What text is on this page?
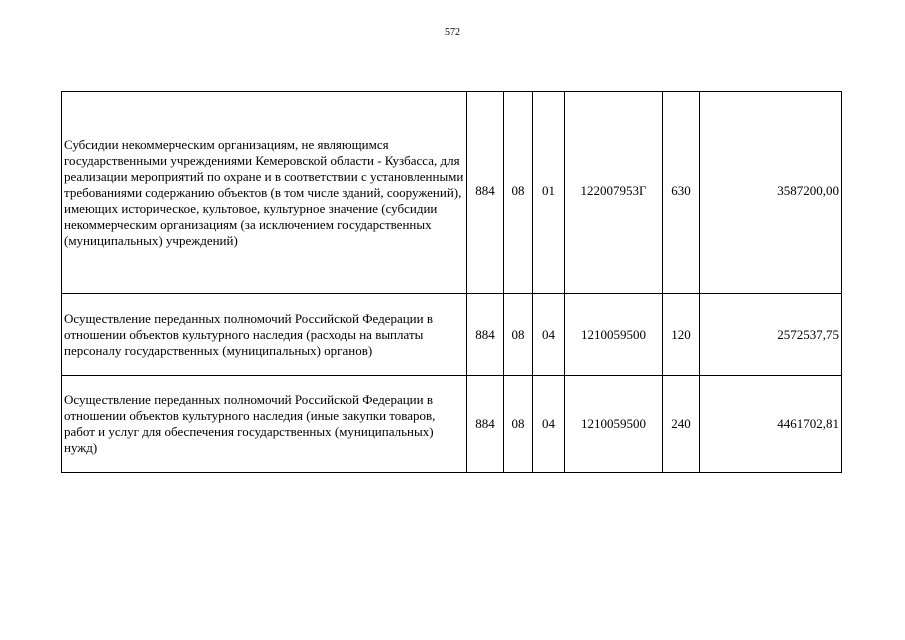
572
Субсидии некоммерческим организациям, не являющимся государственными учреждениями Кемеровской области - Кузбасса, для реализации мероприятий по охране и в соответствии с установленными требованиями содержанию объектов (в том числе зданий, сооружений), имеющих историческое, культовое, культурное значение (субсидии некоммерческим организациям (за исключением государственных (муниципальных) учреждений)	884	08	01	122007953Г	630	3587200,00
Осуществление переданных полномочий Российской Федерации в отношении объектов культурного наследия (расходы на выплаты персоналу государственных (муниципальных) органов)	884	08	04	1210059500	120	2572537,75
Осуществление переданных полномочий Российской Федерации в отношении объектов культурного наследия (иные закупки товаров, работ и услуг для обеспечения государственных (муниципальных) нужд)	884	08	04	1210059500	240	4461702,81
